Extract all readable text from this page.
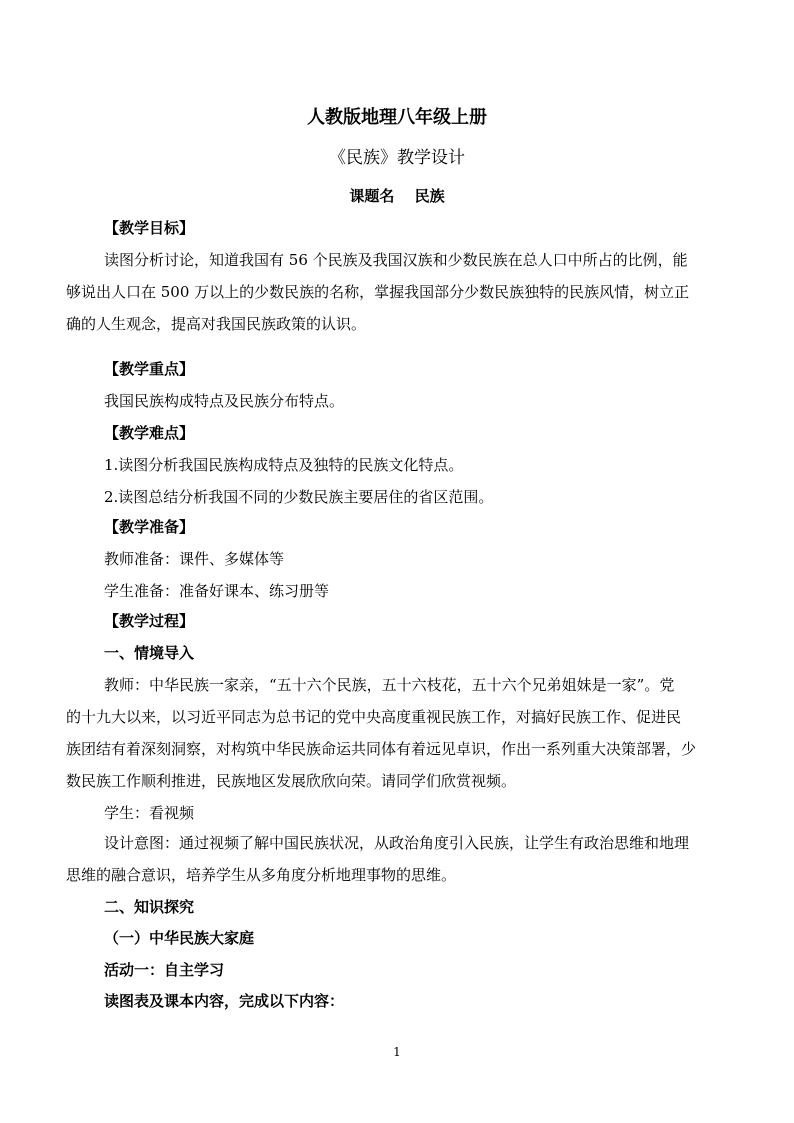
人教版地理八年级上册
《民族》教学设计
课题名　 民族
【教学目标】
读图分析讨论，知道我国有 56 个民族及我国汉族和少数民族在总人口中所占的比例，能
够说出人口在 500 万以上的少数民族的名称，掌握我国部分少数民族独特的民族风情，树立正
确的人生观念，提高对我国民族政策的认识。
【教学重点】
我国民族构成特点及民族分布特点。
【教学难点】
1.读图分析我国民族构成特点及独特的民族文化特点。
2.读图总结分析我国不同的少数民族主要居住的省区范围。
【教学准备】
教师准备：课件、多媒体等
学生准备：准备好课本、练习册等
【教学过程】
一、情境导入
教师：中华民族一家亲，“五十六个民族，五十六枝花，五十六个兄弟姐妹是一家”。党
的十九大以来，以习近平同志为总书记的党中央高度重视民族工作，对搞好民族工作、促进民
族团结有着深刻洞察，对构筑中华民族命运共同体有着远见卓识，作出一系列重大决策部署，少
数民族工作顺利推进，民族地区发展欣欣向荣。请同学们欣赏视频。
学生：看视频
设计意图：通过视频了解中国民族状况，从政治角度引入民族，让学生有政治思维和地理
思维的融合意识，培养学生从多角度分析地理事物的思维。
二、知识探究
（一）中华民族大家庭
活动一：自主学习
读图表及课本内容，完成以下内容：
1
